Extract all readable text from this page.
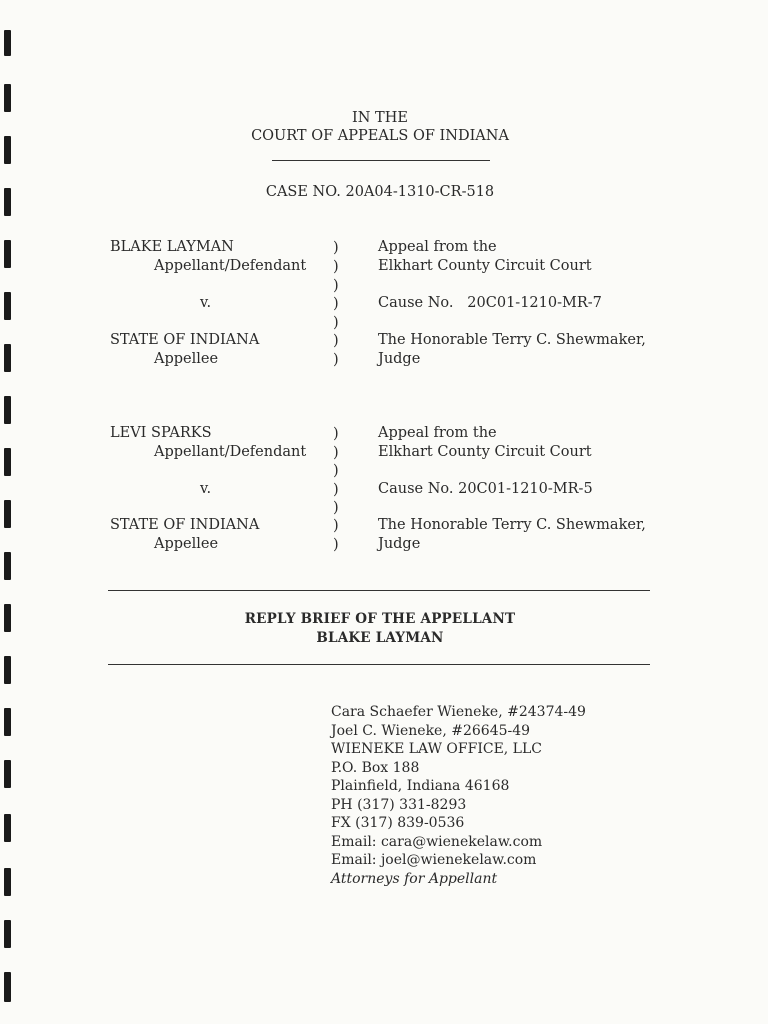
IN THE
COURT OF APPEALS OF INDIANA
CASE NO. 20A04-1310-CR-518
BLAKE LAYMAN
Appellant/Defendant
v.
STATE OF INDIANA
Appellee
)
)
)
)
)
)
)
Appeal from the
Elkhart County Circuit Court
Cause No.   20C01-1210-MR-7
The Honorable Terry C. Shewmaker,
Judge
LEVI SPARKS
Appellant/Defendant
v.
STATE OF INDIANA
Appellee
)
)
)
)
)
)
)
Appeal from the
Elkhart County Circuit Court
Cause No. 20C01-1210-MR-5
The Honorable Terry C. Shewmaker,
Judge
REPLY BRIEF OF THE APPELLANT
BLAKE LAYMAN
Cara Schaefer Wieneke, #24374-49
Joel C. Wieneke, #26645-49
WIENEKE LAW OFFICE, LLC
P.O. Box 188
Plainfield, Indiana 46168
PH (317) 331-8293
FX (317) 839-0536
Email: cara@wienekelaw.com
Email: joel@wienekelaw.com
Attorneys for Appellant
